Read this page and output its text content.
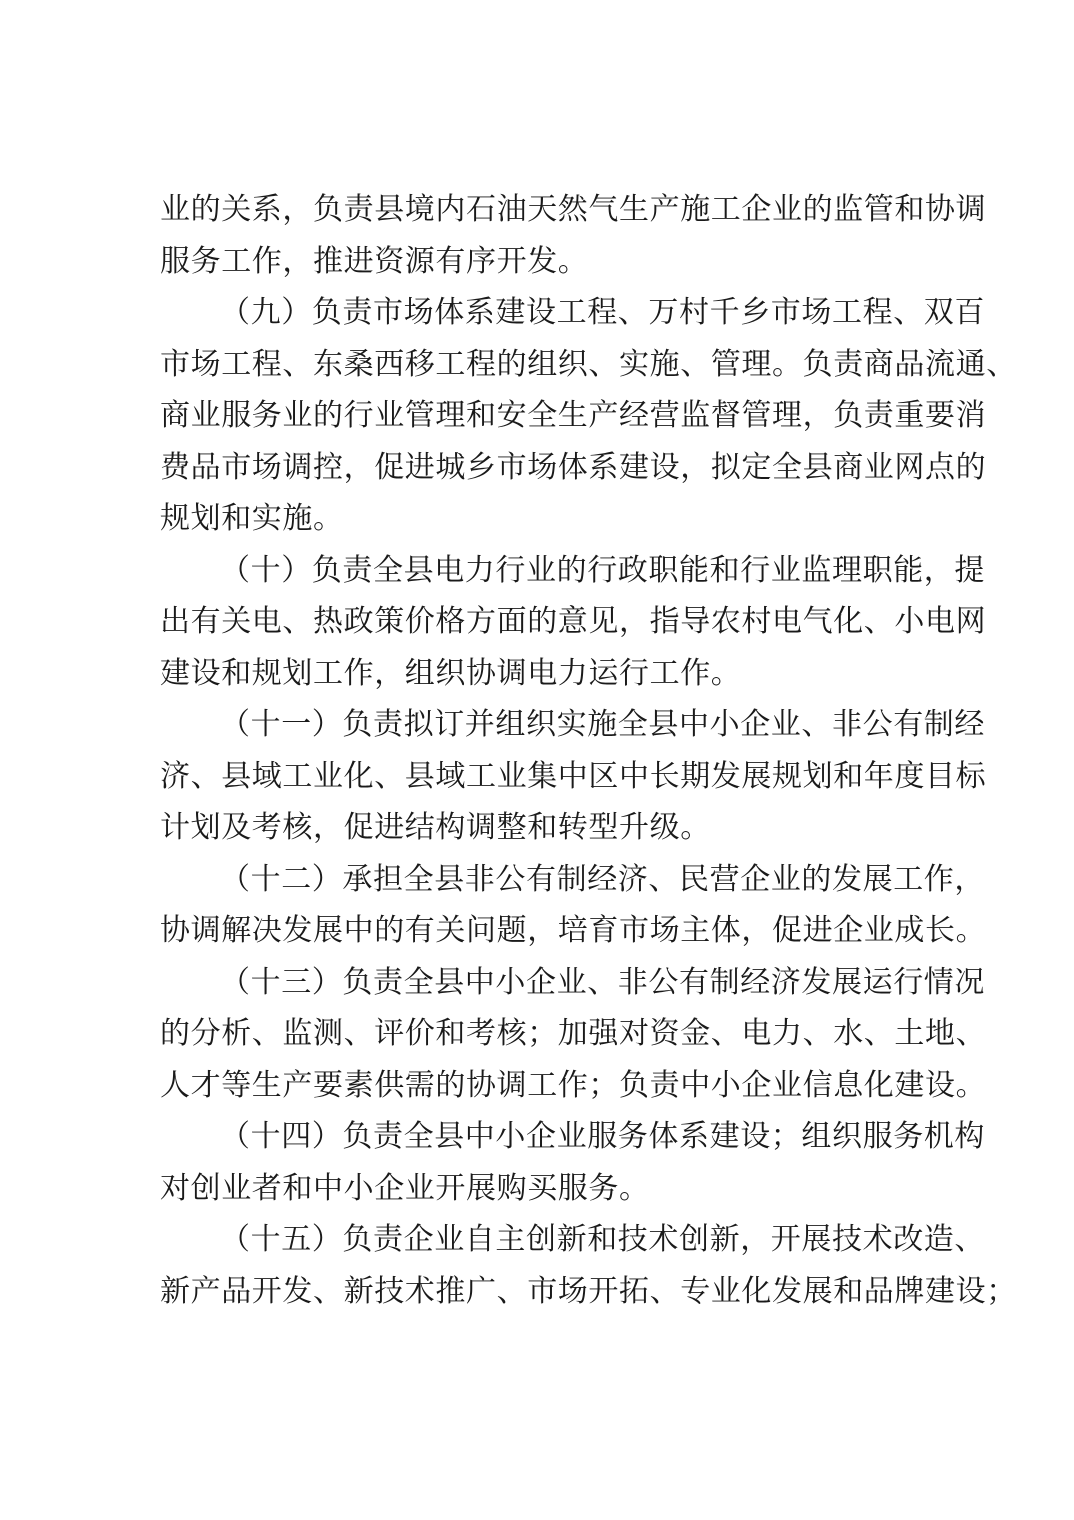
业的关系，负责县境内石油天然气生产施工企业的监管和协调
服务工作，推进资源有序开发。
（九）负责市场体系建设工程、万村千乡市场工程、双百
市场工程、东桑西移工程的组织、实施、管理。负责商品流通、
商业服务业的行业管理和安全生产经营监督管理，负责重要消
费品市场调控，促进城乡市场体系建设，拟定全县商业网点的
规划和实施。
（十）负责全县电力行业的行政职能和行业监理职能，提
出有关电、热政策价格方面的意见，指导农村电气化、小电网
建设和规划工作，组织协调电力运行工作。
（十一）负责拟订并组织实施全县中小企业、非公有制经
济、县域工业化、县域工业集中区中长期发展规划和年度目标
计划及考核，促进结构调整和转型升级。
（十二）承担全县非公有制经济、民营企业的发展工作，
协调解决发展中的有关问题，培育市场主体，促进企业成长。
（十三）负责全县中小企业、非公有制经济发展运行情况
的分析、监测、评价和考核；加强对资金、电力、水、土地、
人才等生产要素供需的协调工作；负责中小企业信息化建设。
（十四）负责全县中小企业服务体系建设；组织服务机构
对创业者和中小企业开展购买服务。
（十五）负责企业自主创新和技术创新，开展技术改造、
新产品开发、新技术推广、市场开拓、专业化发展和品牌建设；
